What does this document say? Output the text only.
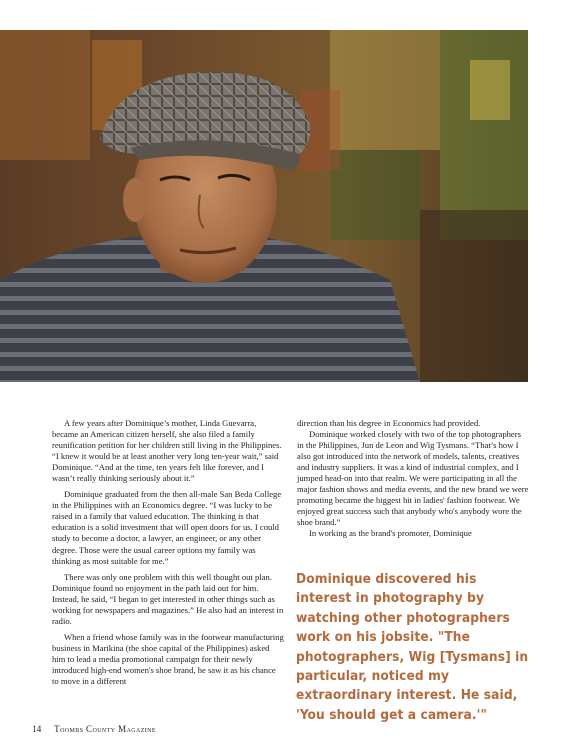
A few years after Dominique’s mother, Linda Guevarra, became an American citizen herself, she also filed a family reunification petition for her children still living in the Philippines. “I knew it would be at least another very long ten-year wait,” said Dominique. “And at the time, ten years felt like forever, and I wasn’t really thinking seriously about it.”

Dominique graduated from the then all-male San Beda College in the Philippines with an Economics degree. “I was lucky to be raised in a family that valued education. The thinking is that education is a solid investment that will open doors for us. I could study to become a doctor, a lawyer, an engineer, or any other degree. Those were the usual career options my family was thinking as most suitable for me.”

There was only one problem with this well thought out plan. Dominique found no enjoyment in the path laid out for him. Instead, he said, “I began to get interested in other things such as working for newspapers and magazines.” He also had an interest in radio.

When a friend whose family was in the footwear manufacturing business in Marikina (the shoe capital of the Philippines) asked him to lead a media promotional campaign for their newly introduced high-end women's shoe brand, he saw it as his chance to move in a different

direction than his degree in Economics had provided.

Dominique worked closely with two of the top photographers in the Philippines, Jun de Leon and Wig Tysmans. “That’s how I also got introduced into the network of models, talents, creatives and industry suppliers. It was a kind of industrial complex, and I jumped head-on into that realm. We were participating in all the major fashion shows and media events, and the new brand we were promoting became the biggest hit in ladies' fashion footwear. We enjoyed great success such that anybody who's anybody wore the shoe brand.”

In working as the brand's promoter, Dominique

Dominique discovered his interest in photography by watching other photographers work on his jobsite. "The photographers, Wig [Tysmans] in particular, noticed my extraordinary interest. He said, 'You should get a camera.'"
14 Toombs County Magazine
